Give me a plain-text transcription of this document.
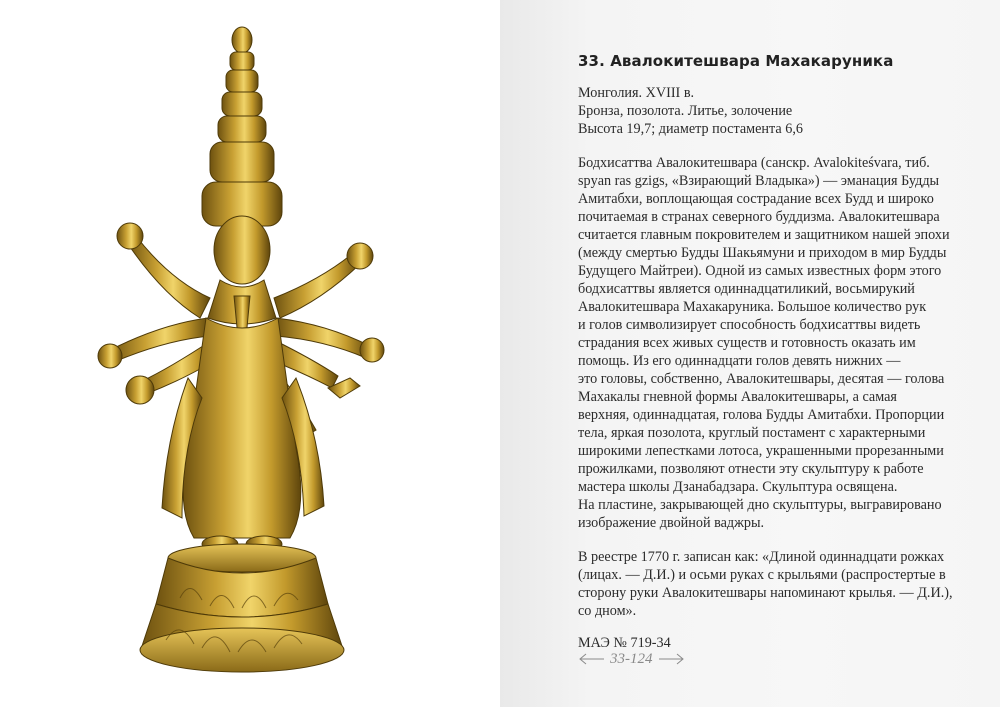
33. Авалокитешвара Махакаруника

Монголия. XVIII в.

Бронза, позолота. Литье, золочение

Высота 19,7; диаметр постамента 6,6

Бодхисаттва Авалокитешвара (санскр. Avalokiteśvara, тиб.

spyan ras gzigs, «Взирающий Владыка») — эманация Будды

Амитабхи, воплощающая сострадание всех Будд и широко

почитаемая в странах северного буддизма. Авалокитешвара

считается главным покровителем и защитником нашей эпохи

(между смертью Будды Шакьямуни и приходом в мир Будды

Будущего Майтреи). Одной из самых известных форм этого

бодхисаттвы является одиннадцатиликий, восьмирукий

Авалокитешвара Махакаруника. Большое количество рук

и голов символизирует способность бодхисаттвы видеть

страдания всех живых существ и готовность оказать им

помощь. Из его одиннадцати голов девять нижних —

это головы, собственно, Авалокитешвары, десятая — голова

Махакалы гневной формы Авалокитешвары, а самая

верхняя, одиннадцатая, голова Будды Амитабхи. Пропорции

тела, яркая позолота, круглый постамент с характерными

широкими лепестками лотоса, украшенными прорезанными

прожилками, позволяют отнести эту скульптуру к работе

мастера школы Дзанабадзара. Скульптура освящена.

На пластине, закрывающей дно скульптуры, выгравировано

изображение двойной ваджры.

В реестре 1770 г. записан как: «Длиной одиннадцати рожках
(лицах. — Д.И.) и осьми руках с крыльями (распростертые в
сторону руки Авалокитешвары напоминают крылья. — Д.И.),
со дном».
МАЭ № 719-34
33-124
